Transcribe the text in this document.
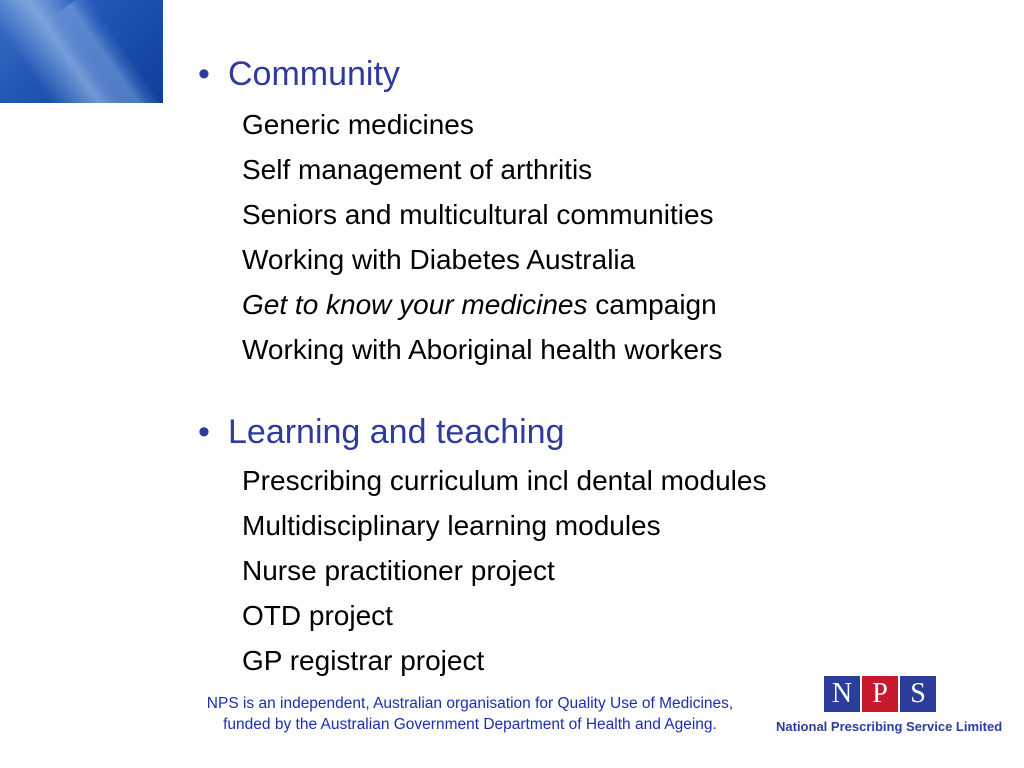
• Community
Generic medicines
Self management of arthritis
Seniors and multicultural communities
Working with Diabetes Australia
Get to know your medicines campaign
Working with Aboriginal health workers
• Learning and teaching
Prescribing curriculum incl dental modules
Multidisciplinary learning modules
Nurse practitioner project
OTD project
GP registrar project
NPS is an independent, Australian organisation for Quality Use of Medicines,
funded by the Australian Government Department of Health and Ageing.
N P S
National Prescribing Service Limited
